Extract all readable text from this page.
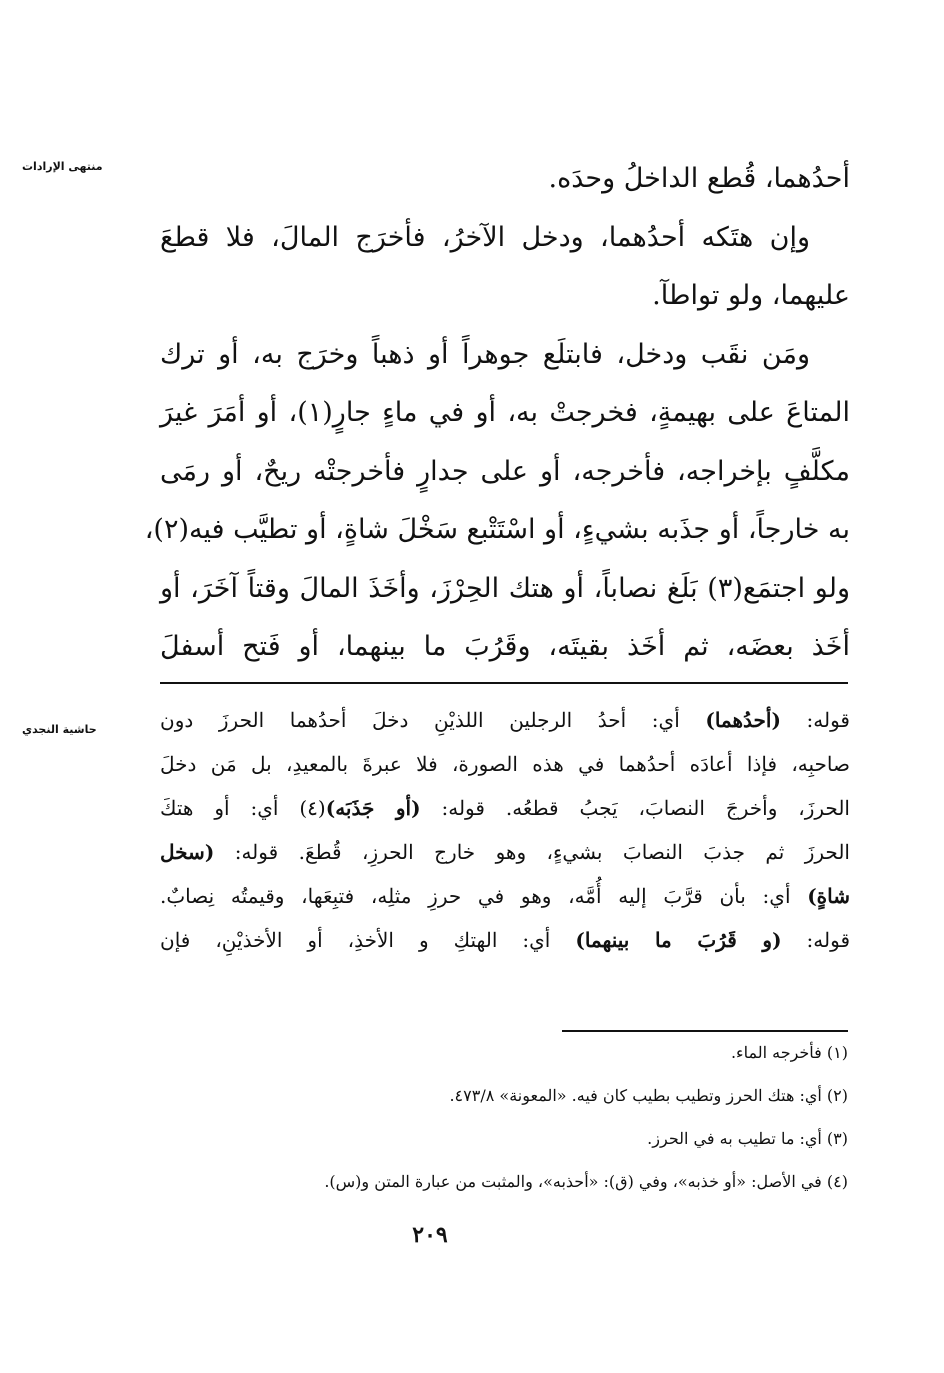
منتهى الإرادات
حاشية النجدي
أحدُهما، قُطع الداخلُ وحدَه.
وإن هتَكه أحدُهما، ودخل الآخرُ، فأخرَج المالَ، فلا قطعَ
عليهما، ولو تواطآ.
ومَن نقَب ودخل، فابتلَع جوهراً أو ذهباً وخرَج به، أو ترك
المتاعَ على بهيمةٍ، فخرجتْ به، أو في ماءٍ جارٍ(١)، أو أمَرَ غيرَ
مكلَّفٍ بإخراجه، فأخرجه، أو على جدارٍ فأخرجتْه ريحٌ، أو رمَى
به خارجاً، أو جذَبه بشيءٍ، أو اسْتَتْبع سَخْلَ شاةٍ، أو تطيَّب فيه(٢)،
ولو اجتمَع(٣) بَلَغ نصاباً، أو هتك الحِرْزَ، وأخَذَ المالَ وقتاً آخَرَ، أو
أخَذ بعضَه، ثم أخَذ بقيتَه، وقَرُبَ ما بينهما، أو فَتح أسفلَ
قوله: (أحدُهما) أي: أحدُ الرجلين اللذيْنِ دخلَ أحدُهما الحرزَ دون
صاحبِه، فإذا أعادَه أحدُهما في هذه الصورة، فلا عبرةَ بالمعيدِ، بل مَن دخلَ
الحرزَ، وأخرجَ النصابَ، يَجبُ قطعُه. قوله: (أو جَذَبَه)(٤) أي: أو هتكَ
الحرزَ ثم جذبَ النصابَ بشيءٍ، وهو خارج الحرزِ، قُطعَ. قوله: (سخل
شاةٍ) أي: بأن قرَّبَ إليه أُمَّه، وهو في حرزِ مثلِه، فتبِعَها، وقيمتُه نِصابٌ.
قوله: (و قَرُبَ ما بينهما) أي: الهتكِ و الأخذِ، أو الأخذيْنِ، فإن
(١) فأخرجه الماء.
(٢) أي: هتك الحرز وتطيب بطيب كان فيه. «المعونة» ٤٧٣/٨.
(٣) أي: ما تطيب به في الحرز.
(٤) في الأصل: «أو خذبه»، وفي (ق): «أحذبه»، والمثبت من عبارة المتن و(س).
٢٠٩
